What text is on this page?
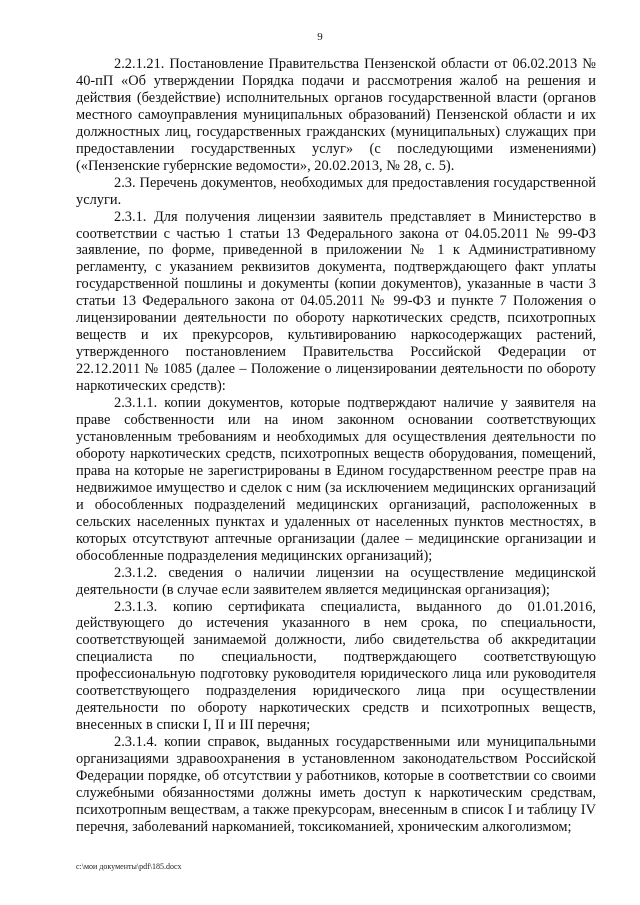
9

2.2.1.21. Постановление Правительства Пензенской области от 06.02.2013 № 40-пП «Об утверждении Порядка подачи и рассмотрения жалоб на решения и действия (бездействие) исполнительных органов государственной власти (органов местного самоуправления муниципальных образований) Пензенской области и их должностных лиц, государственных гражданских (муниципальных) служащих при предоставлении государственных услуг» (с последующими изменениями) («Пензенские губернские ведомости», 20.02.2013, № 28, с. 5).

2.3. Перечень документов, необходимых для предоставления государственной услуги.

2.3.1. Для получения лицензии заявитель представляет в Министерство в соответствии с частью 1 статьи 13 Федерального закона от 04.05.2011 № 99-ФЗ заявление, по форме, приведенной в приложении № 1 к Административному регламенту, с указанием реквизитов документа, подтверждающего факт уплаты государственной пошлины и документы (копии документов), указанные в части 3 статьи 13 Федерального закона от 04.05.2011 № 99-ФЗ и пункте 7 Положения о лицензировании деятельности по обороту наркотических средств, психотропных веществ и их прекурсоров, культивированию наркосодержащих растений, утвержденного постановлением Правительства Российской Федерации от 22.12.2011 № 1085 (далее – Положение о лицензировании деятельности по обороту наркотических средств):

2.3.1.1. копии документов, которые подтверждают наличие у заявителя на праве собственности или на ином законном основании соответствующих установленным требованиям и необходимых для осуществления деятельности по обороту наркотических средств, психотропных веществ оборудования, помещений, права на которые не зарегистрированы в Едином государственном реестре прав на недвижимое имущество и сделок с ним (за исключением медицинских организаций и обособленных подразделений медицинских организаций, расположенных в сельских населенных пунктах и удаленных от населенных пунктов местностях, в которых отсутствуют аптечные организации (далее – медицинские организации и обособленные подразделения медицинских организаций);

2.3.1.2. сведения о наличии лицензии на осуществление медицинской деятельности (в случае если заявителем является медицинская организация);

2.3.1.3. копию сертификата специалиста, выданного до 01.01.2016, действующего до истечения указанного в нем срока, по специальности, соответствующей занимаемой должности, либо свидетельства об аккредитации специалиста по специальности, подтверждающего соответствующую профессиональную подготовку руководителя юридического лица или руководителя соответствующего подразделения юридического лица при осуществлении деятельности по обороту наркотических средств и психотропных веществ, внесенных в списки I, II и III перечня;

2.3.1.4. копии справок, выданных государственными или муниципальными организациями здравоохранения в установленном законодательством Российской Федерации порядке, об отсутствии у работников, которые в соответствии со своими служебными обязанностями должны иметь доступ к наркотическим средствам, психотропным веществам, а также прекурсорам, внесенным в список I и таблицу IV перечня, заболеваний наркоманией, токсикоманией, хроническим алкоголизмом;

c:\мои документы\pdf\185.docx
